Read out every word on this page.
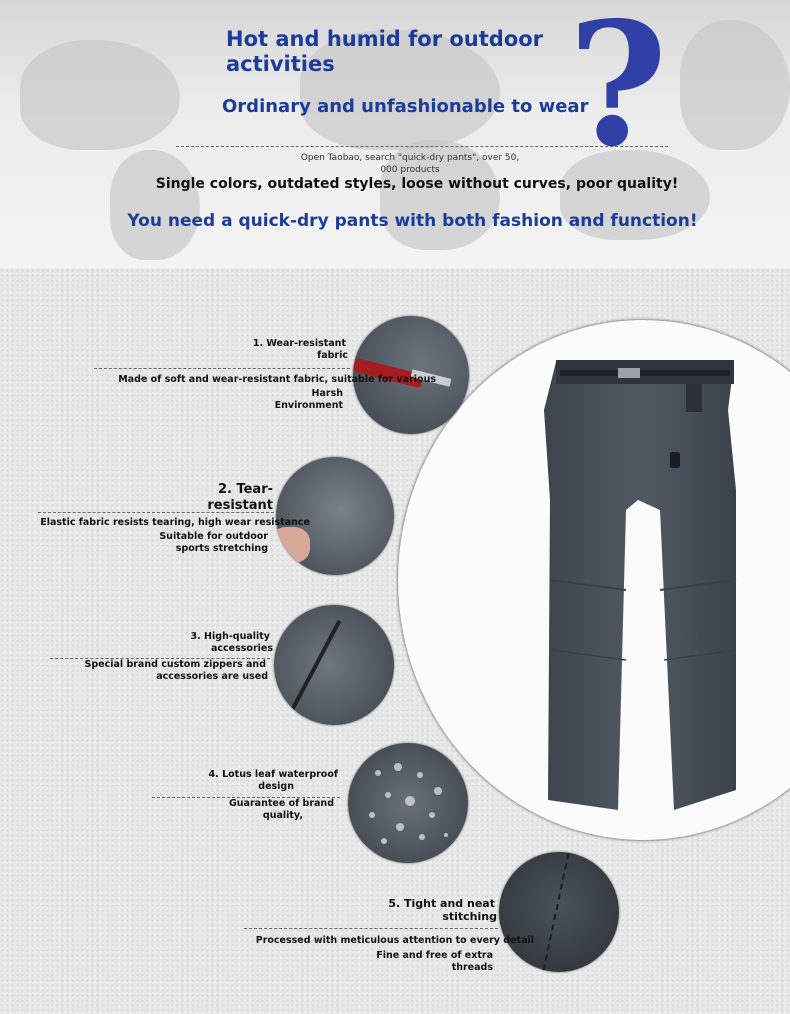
Hot and humid for outdoor
activities
Ordinary and unfashionable to wear
?
Open Taobao, search "quick-dry pants", over 50,
000 products
Single colors, outdated styles, loose without curves, poor quality!
You need a quick-dry pants with both fashion and function!
1. Wear-resistant
fabric
Made of soft and wear-resistant fabric, suitable for various
Harsh
Environment
2. Tear-
resistant
Elastic fabric resists tearing, high wear resistance
Suitable for outdoor
sports stretching
3. High-quality
accessories
Special brand custom zippers and
accessories are used
4. Lotus leaf waterproof
design
Guarantee of brand
quality,
5. Tight and neat
stitching
Processed with meticulous attention to every detail
Fine and free of extra
threads
